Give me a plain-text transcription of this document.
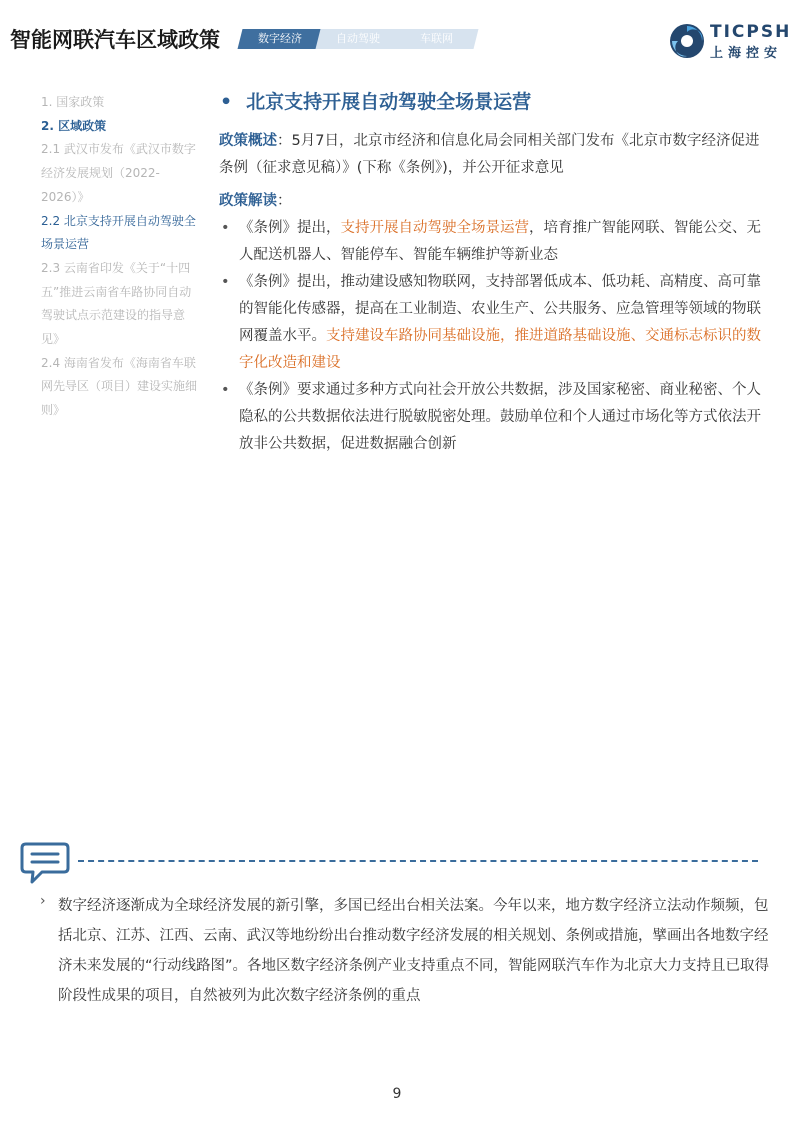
智能网联汽车区域政策	数字经济	自动驾驶	车联网	TICPSH
上海控安
1. 国家政策
2. 区域政策
2.1 武汉市发布《武汉市数字经济发展规划（2022-2026）》
2.2 北京支持开展自动驾驶全场景运营
2.3 云南省印发《关于“十四五”推进云南省车路协同自动驾驶试点示范建设的指导意见》
2.4 海南省发布《海南省车联网先导区（项目）建设实施细则》
• 北京支持开展自动驾驶全场景运营

政策概述：5月7日，北京市经济和信息化局会同相关部门发布《北京市数字经济促进条例（征求意见稿）》(下称《条例》)，并公开征求意见

政策解读：

• 《条例》提出，支持开展自动驾驶全场景运营，培育推广智能网联、智能公交、无人配送机器人、智能停车、智能车辆维护等新业态

• 《条例》提出，推动建设感知物联网，支持部署低成本、低功耗、高精度、高可靠的智能化传感器，提高在工业制造、农业生产、公共服务、应急管理等领域的物联网覆盖水平。支持建设车路协同基础设施，推进道路基础设施、交通标志标识的数字化改造和建设

• 《条例》要求通过多种方式向社会开放公共数据，涉及国家秘密、商业秘密、个人隐私的公共数据依法进行脱敏脱密处理。鼓励单位和个人通过市场化等方式依法开放非公共数据，促进数据融合创新

› 数字经济逐渐成为全球经济发展的新引擎，多国已经出台相关法案。今年以来，地方数字经济立法动作频频，包括北京、江苏、江西、云南、武汉等地纷纷出台推动数字经济发展的相关规划、条例或措施，擘画出各地数字经济未来发展的“行动线路图”。各地区数字经济条例产业支持重点不同，智能网联汽车作为北京大力支持且已取得阶段性成果的项目，自然被列为此次数字经济条例的重点
9
